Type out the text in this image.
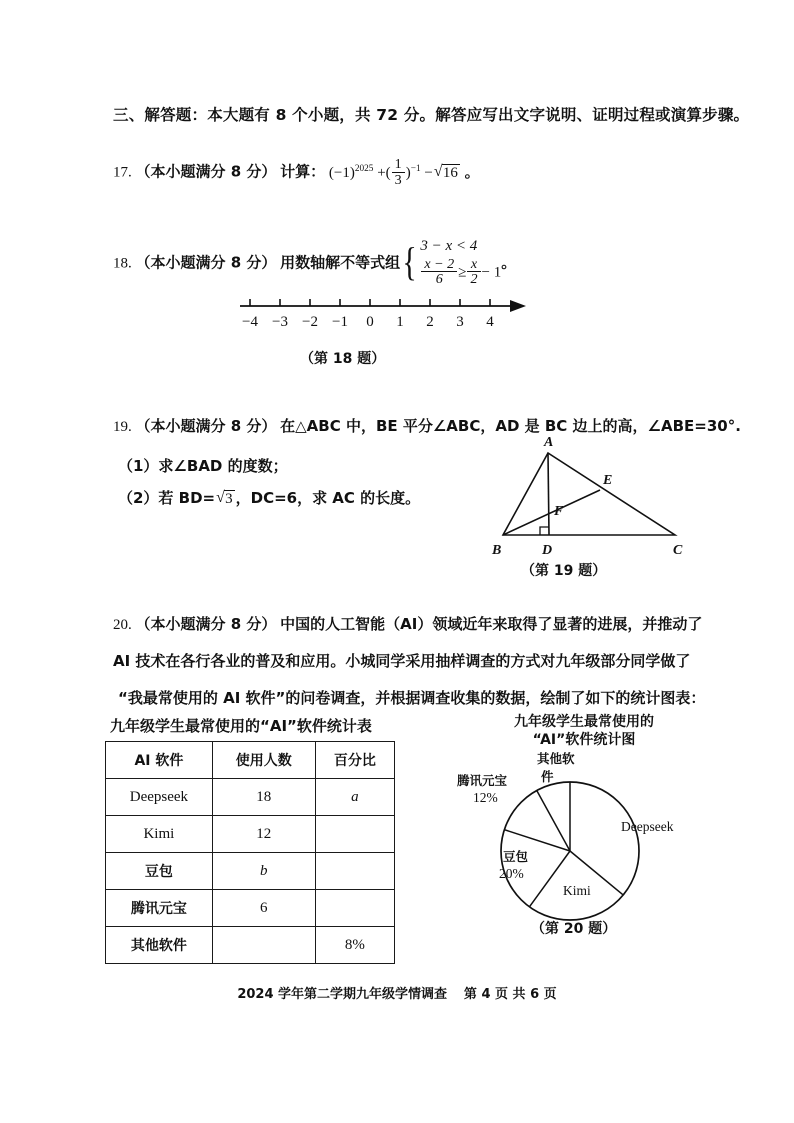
三、解答题：本大题有 8 个小题，共 72 分。解答应写出文字说明、证明过程或演算步骤。
17. （本小题满分 8 分） 计算： $(-1)^{2025}$ +( $\frac{1}{3} )^{-1}$ − √ 16 。
18. （本小题满分 8 分） 用数轴解不等式组 { 3 − x < 4
$\frac{x - 2}{6} \ge \frac{x}{2} - 1$
。
−4 −3 −2 −1 0 1 2 3 4
（第 18 题）
19. （本小题满分 8 分） 在△ABC 中，BE 平分∠ABC，AD 是 BC 边上的高，∠ABE=30°.
（1）求∠BAD 的度数；
（2）若 BD= √ 3 ，DC=6，求 AC 的长度。
A
B	C
D
E
F
（第 19 题）
20. （本小题满分 8 分） 中国的人工智能（AI）领域近年来取得了显著的进展，并推动了
AI 技术在各行各业的普及和应用。小城同学采用抽样调查的方式对九年级部分同学做了
“我最常使用的 AI 软件”的问卷调查，并根据调查收集的数据，绘制了如下的统计图表：
九年级学生最常使用的“AI”软件统计表
AI 软件	使用人数	百分比
Deepseek	18	a
Kimi	12	
豆包	b	
腾讯元宝	6	
其他软件		8%
九年级学生最常使用的
“AI”软件统计图
Deepseek
Kimi
豆包
20%
腾讯元宝
12%
其他软
件
（第 20 题）
2024 学年第二学期九年级学情调查 第 4 页 共 6 页
